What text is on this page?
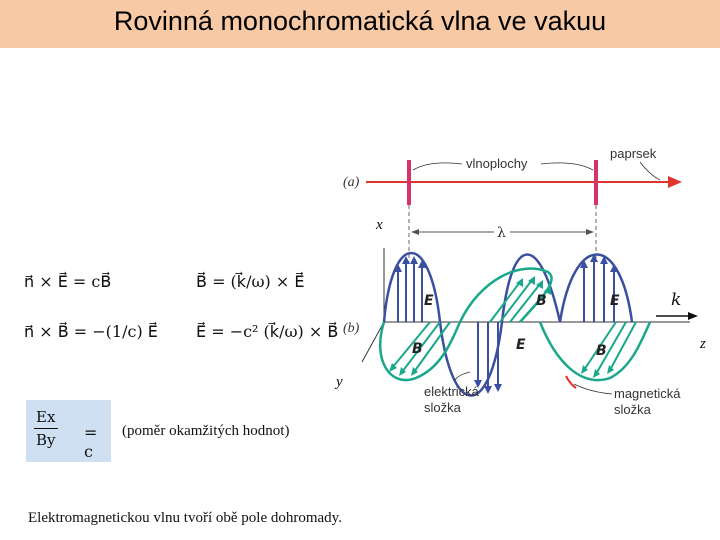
Rovinná monochromatická vlna ve vakuu
n⃗ × E⃗ = cB⃗	B⃗ = (k⃗/ω) × E⃗
n⃗ × B⃗ = −(1/c) E⃗ E⃗ = −c² (k⃗/ω) × B⃗
$\frac{Ex}{By} = c$
(poměr okamžitých hodnot)
Elektromagnetickou vlnu tvoří obě pole dohromady.
(a)
vlnoplochy
paprsek
λ
x
z
y
(b)
k
E	B	E
B	E	B
elektrická
složka
magnetická
složka
